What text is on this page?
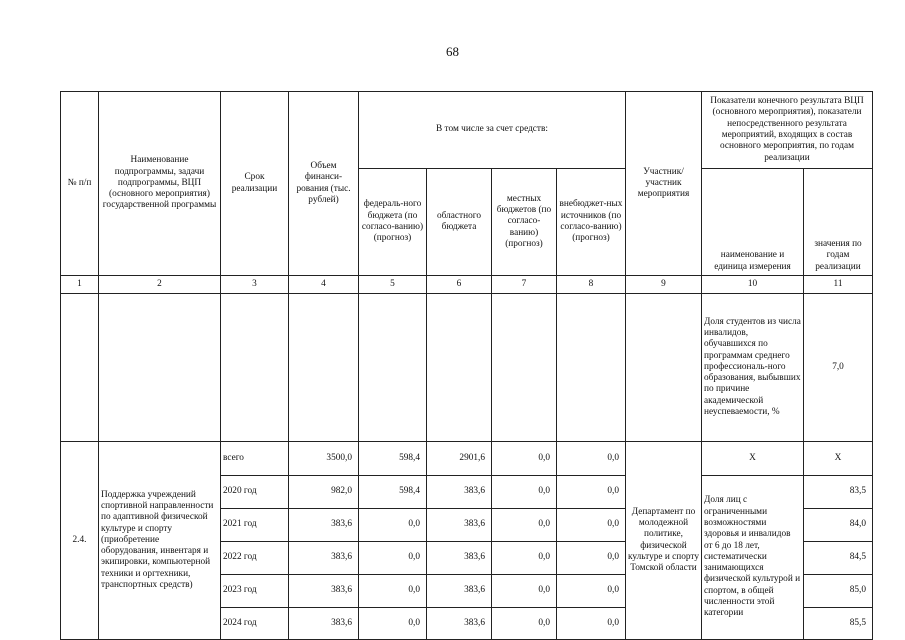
68
№ п/п	Наименование подпрограммы, задачи подпрограммы, ВЦП (основного мероприятия) государственной программы	Срок реализации	Объем финанси-рования (тыс. рублей)	В том числе за счет средств:				Участник/ участник мероприятия	Показатели конечного результата ВЦП (основного мероприятия), показатели непосредственного результата мероприятий, входящих в состав основного мероприятия, по годам реализации	
				федераль-ного бюджета (по согласо-ванию) (прогноз)	областного бюджета	местных бюджетов (по согласо-ванию) (прогноз)	внебюджет-ных источников (по согласо-ванию) (прогноз)		наименование и единица измерения	значения по годам реализации
1	2	3	4	5	6	7	8	9	10	11
									Доля студентов из числа инвалидов, обучавшихся по программам среднего профессиональ-ного образования, выбывших по причине академической неуспеваемости, %	7,0
2.4.	Поддержка учреждений спортивной направленности по адаптивной физической культуре и спорту (приобретение оборудования, инвентаря и экипировки, компьютерной техники и оргтехники, транспортных средств)	всего	3500,0	598,4	2901,6	0,0	0,0	Департамент по молодежной политике, физической культуре и спорту Томской области	Х	Х
		2020 год	982,0	598,4	383,6	0,0	0,0		Доля лиц с ограниченными возможностями здоровья и инвалидов от 6 до 18 лет, систематически занимающихся физической культурой и спортом, в общей численности этой категории	83,5
		2021 год	383,6	0,0	383,6	0,0	0,0			84,0
		2022 год	383,6	0,0	383,6	0,0	0,0			84,5
		2023 год	383,6	0,0	383,6	0,0	0,0			85,0
		2024 год	383,6	0,0	383,6	0,0	0,0			85,5
